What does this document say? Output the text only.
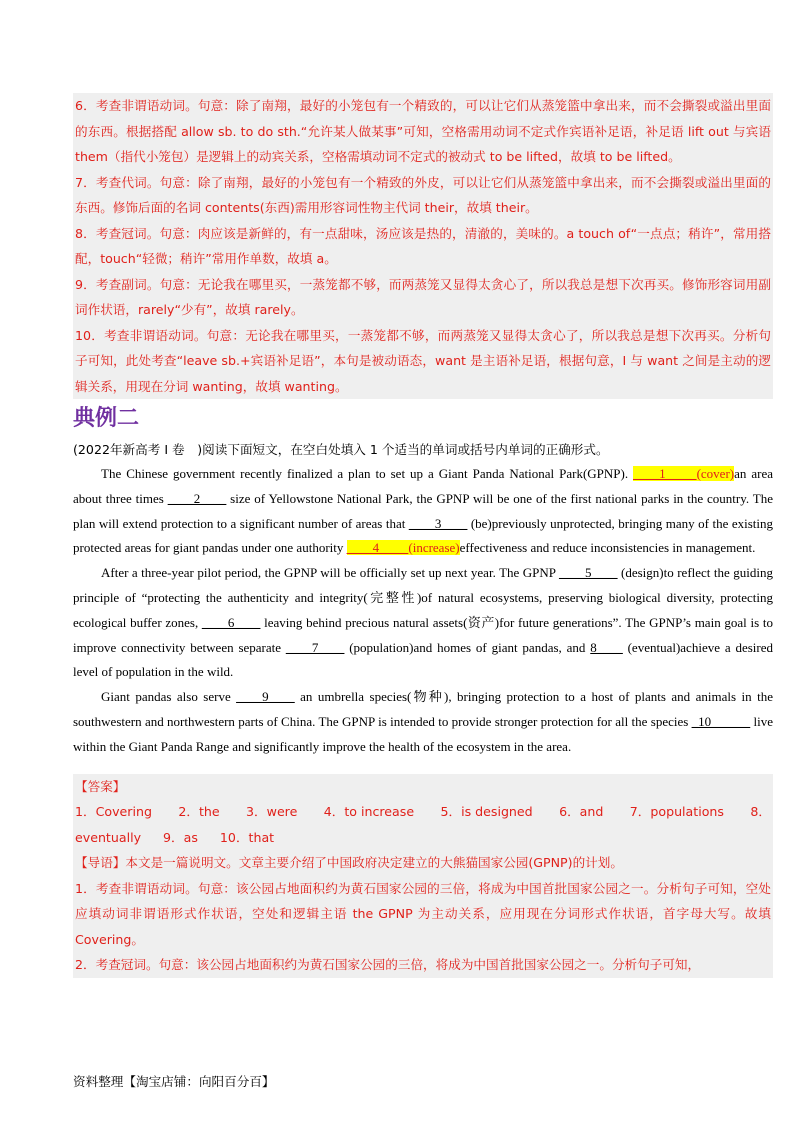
6．考查非谓语动词。句意：除了南翔，最好的小笼包有一个精致的，可以让它们从蒸笼篮中拿出来，而不会撕裂或溢出里面的东西。根据搭配 allow sb. to do sth.“允许某人做某事”可知，空格需用动词不定式作宾语补足语，补足语 lift out 与宾语 them（指代小笼包）是逻辑上的动宾关系，空格需填动词不定式的被动式 to be lifted，故填 to be lifted。

7．考查代词。句意：除了南翔，最好的小笼包有一个精致的外皮，可以让它们从蒸笼篮中拿出来，而不会撕裂或溢出里面的东西。修饰后面的名词 contents(东西)需用形容词性物主代词 their，故填 their。

8．考查冠词。句意：肉应该是新鲜的，有一点甜味，汤应该是热的，清澈的，美味的。a touch of“一点点；稍许”，常用搭配，touch“轻微；稍许”常用作单数，故填 a。

9．考查副词。句意：无论我在哪里买，一蒸笼都不够，而两蒸笼又显得太贪心了，所以我总是想下次再买。修饰形容词用副词作状语，rarely“少有”，故填 rarely。

10．考查非谓语动词。句意：无论我在哪里买，一蒸笼都不够，而两蒸笼又显得太贪心了，所以我总是想下次再买。分析句子可知，此处考查“leave sb.+宾语补足语”，本句是被动语态，want 是主语补足语，根据句意，I 与 want 之间是主动的逻辑关系，用现在分词 wanting，故填 wanting。

典例二

(2022年新高考 I 卷　)阅读下面短文，在空白处填入 1 个适当的单词或括号内单词的正确形式。

The Chinese government recently finalized a plan to set up a Giant Panda National Park(GPNP). ____1____ (cover)an area about three times ____2____ size of Yellowstone National Park, the GPNP will be one of the first national parks in the country. The plan will extend protection to a significant number of areas that ____3____ (be)previously unprotected, bringing many of the existing protected areas for giant pandas under one authority ____4____ (increase)effectiveness and reduce inconsistencies in management.

After a three-year pilot period, the GPNP will be officially set up next year. The GPNP ____5____ (design)to reflect the guiding principle of “protecting the authenticity and integrity(完整性)of natural ecosystems, preserving biological diversity, protecting ecological buffer zones, ____6____ leaving behind precious natural assets(资产)for future generations”. The GPNP’s main goal is to improve connectivity between separate ____7____ (population)and homes of giant pandas, and 8____ (eventual)achieve a desired level of population in the wild.

Giant pandas also serve ____9____ an umbrella species(物种), bringing protection to a host of plants and animals in the southwestern and northwestern parts of China. The GPNP is intended to provide stronger protection for all the species _10______ live within the Giant Panda Range and significantly improve the health of the ecosystem in the area.

【答案】

1．Covering 2．the 3．were 4．to increase 5．is designed 6．and 7．populations 8．
eventually 9．as 10．that

【导语】本文是一篇说明文。文章主要介绍了中国政府决定建立的大熊猫国家公园(GPNP)的计划。

1．考查非谓语动词。句意：该公园占地面积约为黄石国家公园的三倍，将成为中国首批国家公园之一。分析句子可知，空处应填动词非谓语形式作状语，空处和逻辑主语 the GPNP 为主动关系，应用现在分词形式作状语，首字母大写。故填 Covering。

2．考查冠词。句意：该公园占地面积约为黄石国家公园的三倍，将成为中国首批国家公园之一。分析句子可知，

资料整理【淘宝店铺：向阳百分百】
